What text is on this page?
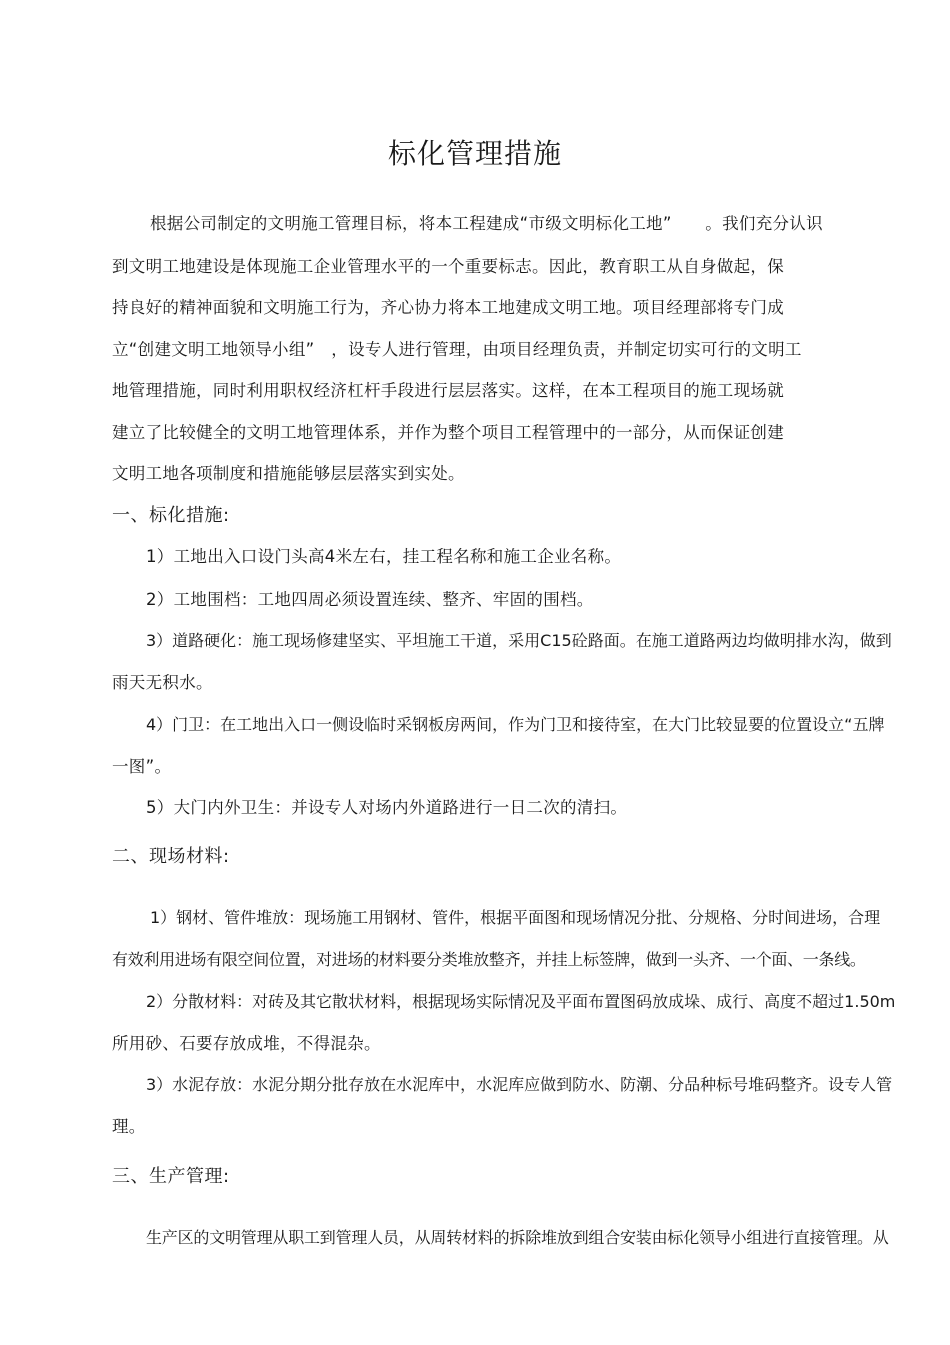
标化管理措施
根据公司制定的文明施工管理目标，将本工程建成“市级文明标化工地”　　。我们充分认识
到文明工地建设是体现施工企业管理水平的一个重要标志。因此，教育职工从自身做起，保
持良好的精神面貌和文明施工行为，齐心协力将本工地建成文明工地。项目经理部将专门成
立“创建文明工地领导小组”　，设专人进行管理，由项目经理负责，并制定切实可行的文明工
地管理措施，同时利用职权经济杠杆手段进行层层落实。这样，在本工程项目的施工现场就
建立了比较健全的文明工地管理体系，并作为整个项目工程管理中的一部分，从而保证创建
文明工地各项制度和措施能够层层落实到实处。
一、标化措施:
1）工地出入口设门头高4米左右，挂工程名称和施工企业名称。
2）工地围档：工地四周必须设置连续、整齐、牢固的围档。
3）道路硬化：施工现场修建坚实、平坦施工干道，采用C15砼路面。在施工道路两边均做明排水沟，做到
雨天无积水。
4）门卫：在工地出入口一侧设临时采钢板房两间，作为门卫和接待室，在大门比较显要的位置设立“五牌
一图”。
5）大门内外卫生：并设专人对场内外道路进行一日二次的清扫。
二、现场材料:
1）钢材、管件堆放：现场施工用钢材、管件，根据平面图和现场情况分批、分规格、分时间进场，合理
有效利用进场有限空间位置，对进场的材料要分类堆放整齐，并挂上标签牌，做到一头齐、一个面、一条线。
2）分散材料：对砖及其它散状材料，根据现场实际情况及平面布置图码放成垛、成行、高度不超过1.50m
所用砂、石要存放成堆，不得混杂。
3）水泥存放：水泥分期分批存放在水泥库中，水泥库应做到防水、防潮、分品种标号堆码整齐。设专人管
理。
三、生产管理:
生产区的文明管理从职工到管理人员，从周转材料的拆除堆放到组合安装由标化领导小组进行直接管理。从
